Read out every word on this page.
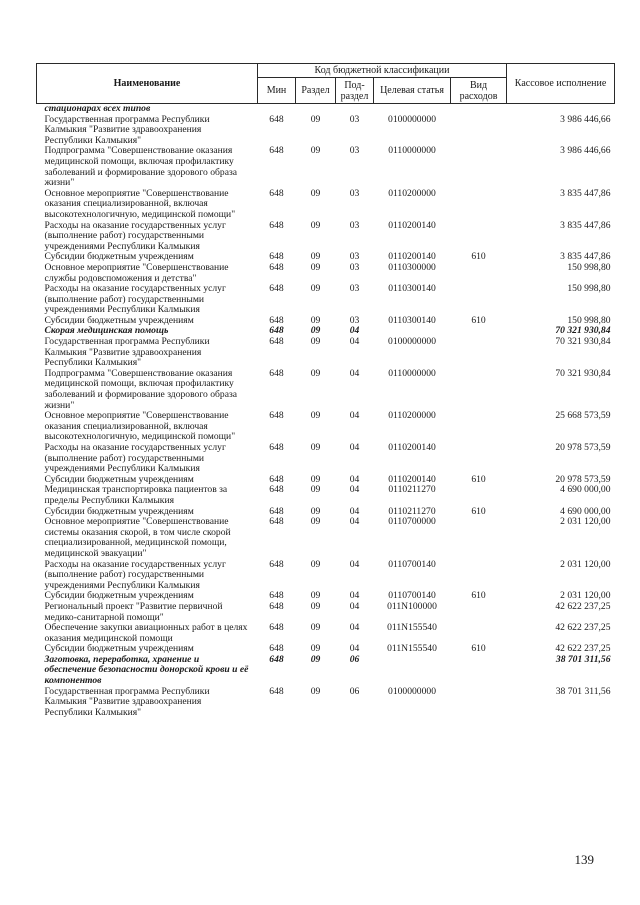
Наименование	Код бюджетной классификации					Кассовое исполнение
	Мин	Раздел	Под-раздел	Целевая статья	Вид расходов	
стационарах всех типов						
Государственная программа Республики Калмыкия "Развитие здравоохранения Республики Калмыкия"	648	09	03	0100000000		3 986 446,66
Подпрограмма "Совершенствование оказания медицинской помощи, включая профилактику заболеваний и формирование здорового образа жизни"	648	09	03	0110000000		3 986 446,66
Основное мероприятие "Совершенствование оказания специализированной, включая высокотехнологичную, медицинской помощи"	648	09	03	0110200000		3 835 447,86
Расходы на оказание государственных услуг (выполнение работ) государственными учреждениями Республики Калмыкия	648	09	03	0110200140		3 835 447,86
Субсидии бюджетным учреждениям	648	09	03	0110200140	610	3 835 447,86
Основное мероприятие "Совершенствование службы родовспоможения и детства"	648	09	03	0110300000		150 998,80
Расходы на оказание государственных услуг (выполнение работ) государственными учреждениями Республики Калмыкия	648	09	03	0110300140		150 998,80
Субсидии бюджетным учреждениям	648	09	03	0110300140	610	150 998,80
Скорая медицинская помощь	648	09	04			70 321 930,84
Государственная программа Республики Калмыкия "Развитие здравоохранения Республики Калмыкия"	648	09	04	0100000000		70 321 930,84
Подпрограмма "Совершенствование оказания медицинской помощи, включая профилактику заболеваний и формирование здорового образа жизни"	648	09	04	0110000000		70 321 930,84
Основное мероприятие "Совершенствование оказания специализированной, включая высокотехнологичную, медицинской помощи"	648	09	04	0110200000		25 668 573,59
Расходы на оказание государственных услуг (выполнение работ) государственными учреждениями Республики Калмыкия	648	09	04	0110200140		20 978 573,59
Субсидии бюджетным учреждениям	648	09	04	0110200140	610	20 978 573,59
Медицинская транспортировка пациентов за пределы Республики Калмыкия	648	09	04	0110211270		4 690 000,00
Субсидии бюджетным учреждениям	648	09	04	0110211270	610	4 690 000,00
Основное мероприятие "Совершенствование системы оказания скорой, в том числе скорой специализированной, медицинской помощи, медицинской эвакуации"	648	09	04	0110700000		2 031 120,00
Расходы на оказание государственных услуг (выполнение работ) государственными учреждениями Республики Калмыкия	648	09	04	0110700140		2 031 120,00
Субсидии бюджетным учреждениям	648	09	04	0110700140	610	2 031 120,00
Региональный проект "Развитие первичной медико-санитарной помощи"	648	09	04	011N100000		42 622 237,25
Обеспечение закупки авиационных работ в целях оказания медицинской помощи	648	09	04	011N155540		42 622 237,25
Субсидии бюджетным учреждениям	648	09	04	011N155540	610	42 622 237,25
Заготовка, переработка, хранение и обеспечение безопасности донорской крови и её компонентов	648	09	06			38 701 311,56
Государственная программа Республики Калмыкия "Развитие здравоохранения Республики Калмыкия"	648	09	06	0100000000		38 701 311,56
139
